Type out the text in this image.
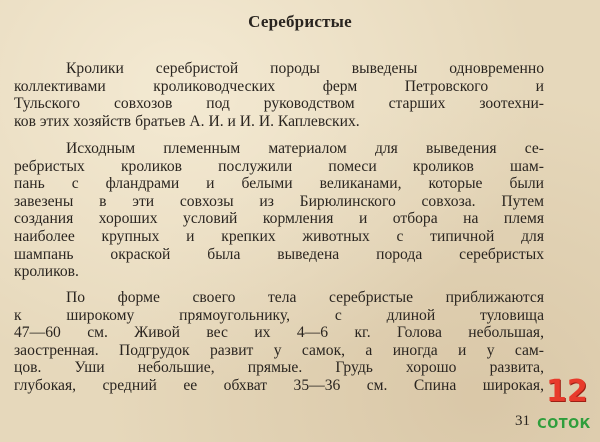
Серебристые
Кролики серебристой породы выведены одновременно
коллективами кролиководческих ферм Петровского и
Тульского совхозов под руководством старших зоотехни-
ков этих хозяйств братьев А. И. и И. И. Каплевских.
Исходным племенным материалом для выведения се-
ребристых кроликов послужили помеси кроликов шам-
пань с фландрами и белыми великанами, которые были
завезены в эти совхозы из Бирюлинского совхоза. Путем
создания хороших условий кормления и отбора на племя
наиболее крупных и крепких животных с типичной для
шампань окраской была выведена порода серебристых
кроликов.
По форме своего тела серебристые приближаются
к широкому прямоугольнику, с длиной туловища
47—60 см. Живой вес их 4—6 кг. Голова небольшая,
заостренная. Подгрудок развит у самок, а иногда и у сам-
цов. Уши небольшие, прямые. Грудь хорошо развита,
глубокая, средний ее обхват 35—36 см. Спина широкая,
31
12
СОТОК
